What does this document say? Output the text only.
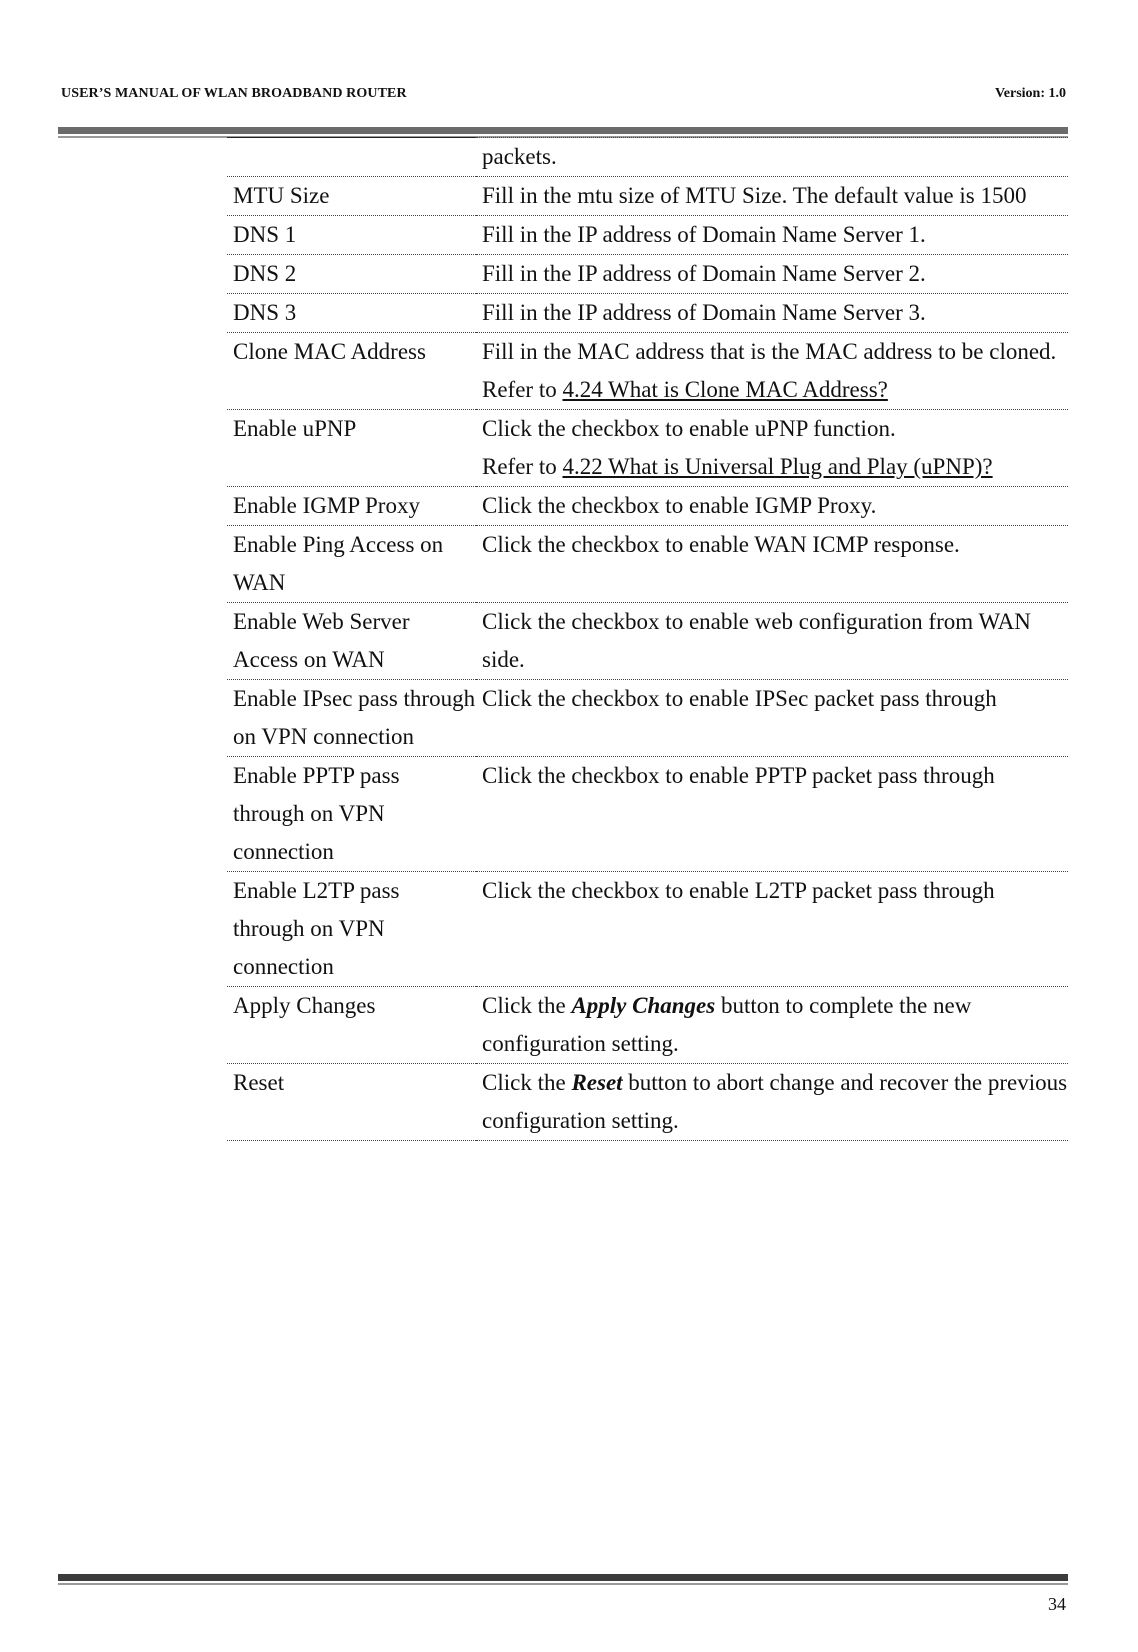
USER’S MANUAL OF WLAN BROADBAND ROUTER	Version: 1.0
	packets.
MTU Size	Fill in the mtu size of MTU Size. The default value is 1500
DNS 1	Fill in the IP address of Domain Name Server 1.
DNS 2	Fill in the IP address of Domain Name Server 2.
DNS 3	Fill in the IP address of Domain Name Server 3.
Clone MAC Address	Fill in the MAC address that is the MAC address to be cloned. Refer to 4.24 What is Clone MAC Address?
Enable uPNP	Click the checkbox to enable uPNP function.
Refer to 4.22 What is Universal Plug and Play (uPNP)?
Enable IGMP Proxy	Click the checkbox to enable IGMP Proxy.
Enable Ping Access on WAN	Click the checkbox to enable WAN ICMP response.
Enable Web Server Access on WAN	Click the checkbox to enable web configuration from WAN side.
Enable IPsec pass through on VPN connection	Click the checkbox to enable IPSec packet pass through
Enable PPTP pass through on VPN connection	Click the checkbox to enable PPTP packet pass through
Enable L2TP pass through on VPN connection	Click the checkbox to enable L2TP packet pass through
Apply Changes	Click the Apply Changes button to complete the new configuration setting.
Reset	Click the Reset button to abort change and recover the previous configuration setting.
34
